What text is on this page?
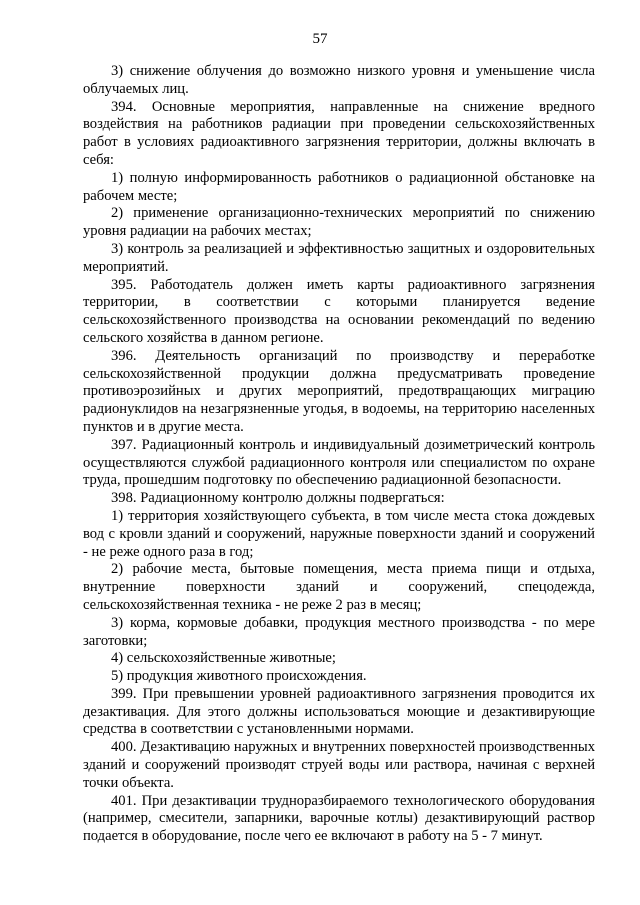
57

3) снижение облучения до возможно низкого уровня и уменьшение числа облучаемых лиц.

394. Основные мероприятия, направленные на снижение вредного воздействия на работников радиации при проведении сельскохозяйственных работ в условиях радиоактивного загрязнения территории, должны включать в себя:

1) полную информированность работников о радиационной обстановке на рабочем месте;

2) применение организационно-технических мероприятий по снижению уровня радиации на рабочих местах;

3) контроль за реализацией и эффективностью защитных и оздоровительных мероприятий.

395. Работодатель должен иметь карты радиоактивного загрязнения территории, в соответствии с которыми планируется ведение сельскохозяйственного производства на основании рекомендаций по ведению сельского хозяйства в данном регионе.

396. Деятельность организаций по производству и переработке сельскохозяйственной продукции должна предусматривать проведение противоэрозийных и других мероприятий, предотвращающих миграцию радионуклидов на незагрязненные угодья, в водоемы, на территорию населенных пунктов и в другие места.

397. Радиационный контроль и индивидуальный дозиметрический контроль осуществляются службой радиационного контроля или специалистом по охране труда, прошедшим подготовку по обеспечению радиационной безопасности.

398. Радиационному контролю должны подвергаться:

1) территория хозяйствующего субъекта, в том числе места стока дождевых вод с кровли зданий и сооружений, наружные поверхности зданий и сооружений - не реже одного раза в год;

2) рабочие места, бытовые помещения, места приема пищи и отдыха, внутренние поверхности зданий и сооружений, спецодежда, сельскохозяйственная техника - не реже 2 раз в месяц;

3) корма, кормовые добавки, продукция местного производства - по мере заготовки;

4) сельскохозяйственные животные;

5) продукция животного происхождения.

399. При превышении уровней радиоактивного загрязнения проводится их дезактивация. Для этого должны использоваться моющие и дезактивирующие средства в соответствии с установленными нормами.

400. Дезактивацию наружных и внутренних поверхностей производственных зданий и сооружений производят струей воды или раствора, начиная с верхней точки объекта.

401. При дезактивации трудноразбираемого технологического оборудования (например, смесители, запарники, варочные котлы) дезактивирующий раствор подается в оборудование, после чего ее включают в работу на 5 - 7 минут.
